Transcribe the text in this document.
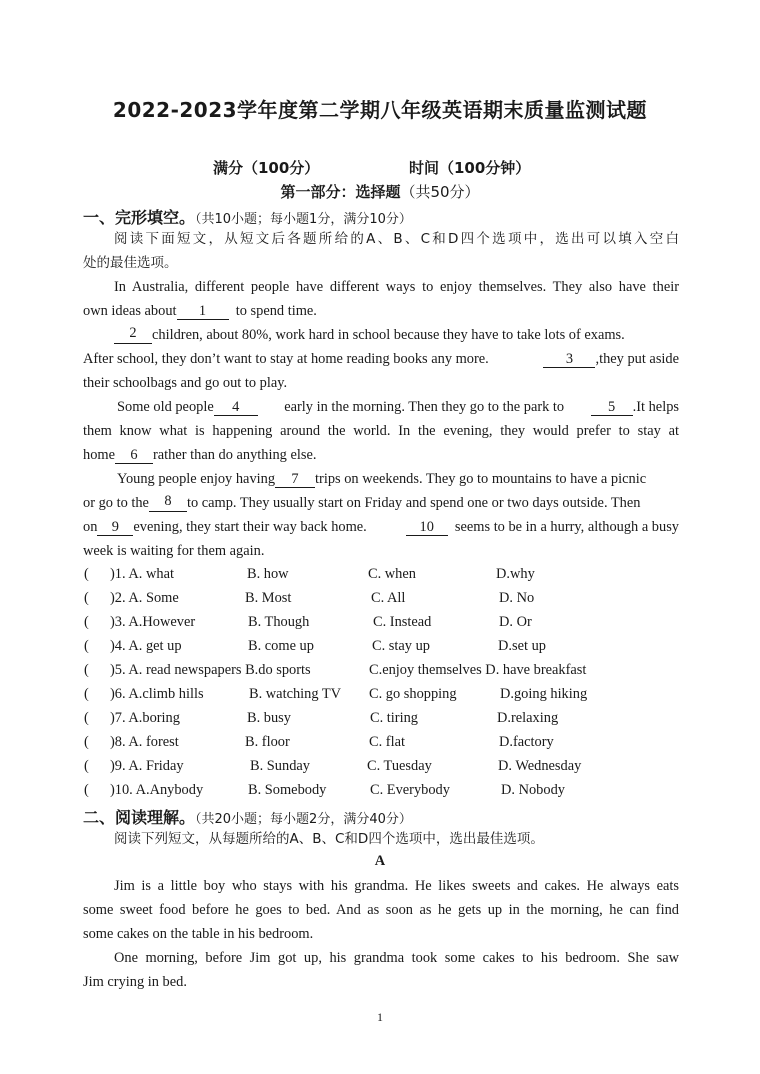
2022-2023学年度第二学期八年级英语期末质量监测试题
满分（100分）	时间（100分钟）
第一部分：选择题（共50分）
一、完形填空。（共10小题；每小题1分，满分10分）
阅读下面短文，从短文后各题所给的A、B、C和D四个选项中，选出可以填入空白
处的最佳选项。
In Australia, different people have different ways to enjoy themselves. They also have their
own ideas about 1 to spend time.
2	children, about 80%, work hard in school because they have to take lots of exams.
After school, they don’t want to stay at home reading books any more.	3 ,they put aside
their schoolbags and go out to play.
Some old people 4	early in the morning. Then they go to the park to	5 .It helps
them know what is happening around the world. In the evening, they would prefer to stay at
home 6 rather than do anything else.
Young people enjoy having 7 trips on weekends. They go to mountains to have a picnic
or go to the	8	to camp. They usually start on Friday and spend one or two days outside. Then
on 9 evening, they start their way back home.	10 seems to be in a hurry, although a busy
week is waiting for them again.
( )1. A. what	B. how	C. when	D.why
( )2. A. Some	B. Most	C. All	D. No
( )3. A.However	B. Though	C. Instead	D. Or
( )4. A. get up	B. come up	C. stay up	D.set up
( )5. A. read newspapers B.do sports	C.enjoy themselves D. have breakfast
( )6. A.climb hills	B. watching TV C. go shopping	D.going hiking
( )7. A.boring	B. busy	C. tiring	D.relaxing
( )8. A. forest	B. floor	C. flat	D.factory
( )9. A. Friday	B. Sunday	C. Tuesday	D. Wednesday
( )10. A.Anybody	B. Somebody	C. Everybody	D. Nobody
二、阅读理解。（共20小题；每小题2分，满分40分）
阅读下列短文，从每题所给的A、B、C和D四个选项中，选出最佳选项。
A
Jim is a little boy who stays with his grandma. He likes sweets and cakes. He always eats
some sweet food before he goes to bed. And as soon as he gets up in the morning, he can find
some cakes on the table in his bedroom.
One morning, before Jim got up, his grandma took some cakes to his bedroom. She saw
Jim crying in bed.
1
